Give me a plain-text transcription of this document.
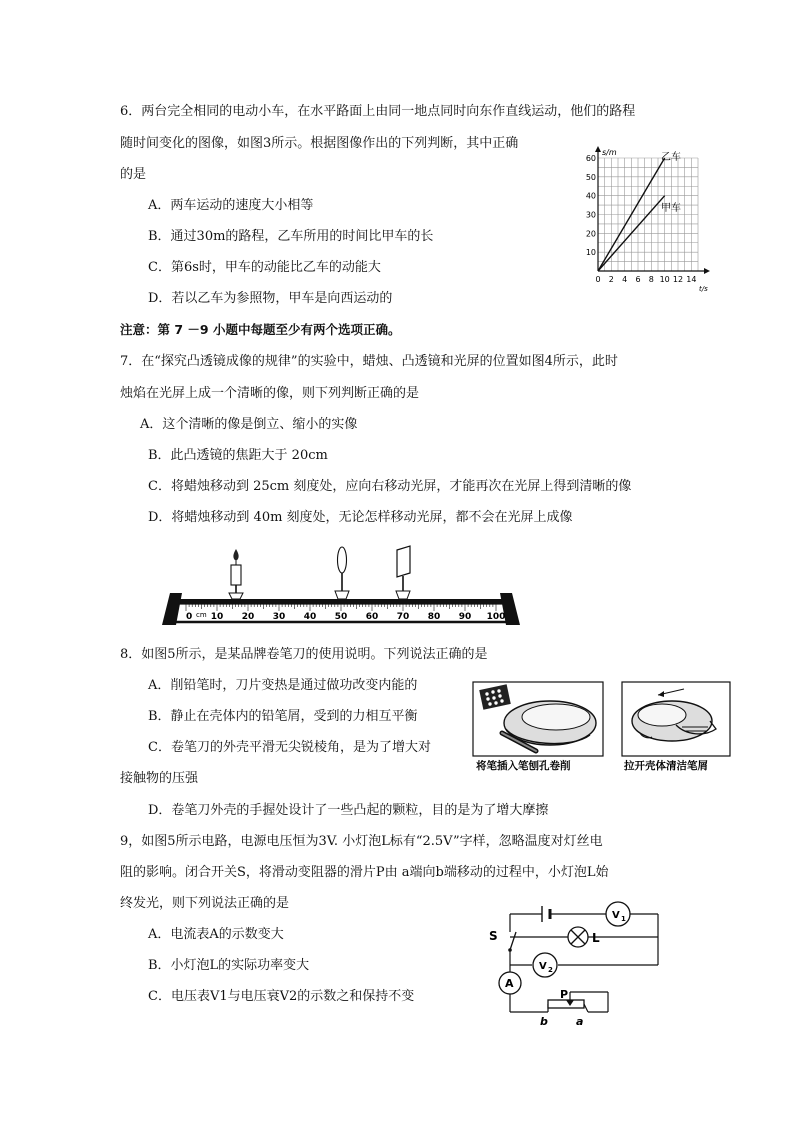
6．两台完全相同的电动小车，在水平路面上由同一地点同时向东作直线运动，他们的路程
随时间变化的图像，如图3所示。根据图像作出的下列判断，其中正确
的是
A．两车运动的速度大小相等
B．通过30m的路程，乙车所用的时间比甲车的长
C．第6s时，甲车的动能比乙车的动能大
D．若以乙车为参照物，甲车是向西运动的
10
20
30
40
50
60
0 2 4 6 8 10 12 14
s/m
t/s
乙车
甲车
注意：第 7 －9 小题中每题至少有两个选项正确。
7．在“探究凸透镜成像的规律”的实验中，蜡烛、凸透镜和光屏的位置如图4所示，此时
烛焰在光屏上成一个清晰的像，则下列判断正确的是
A．这个清晰的像是倒立、缩小的实像
B．此凸透镜的焦距大于 20cm
C．将蜡烛移动到 25cm 刻度处，应向右移动光屏，才能再次在光屏上得到清晰的像
D．将蜡烛移动到 40m 刻度处，无论怎样移动光屏，都不会在光屏上成像
0 10 20 30 40 50 60 70 80 90 100
cm
8．如图5所示，是某品牌卷笔刀的使用说明。下列说法正确的是
A．削铅笔时，刀片变热是通过做功改变内能的
B．静止在壳体内的铅笔屑，受到的力相互平衡
C．卷笔刀的外壳平滑无尖锐棱角，是为了增大对
接触物的压强
D．卷笔刀外壳的手握处设计了一些凸起的颗粒，目的是为了增大摩擦
将笔插入笔刨孔卷削	拉开壳体清洁笔屑
9，如图5所示电路，电源电压恒为3V. 小灯泡L标有“2.5V”字样，忽略温度对灯丝电
阻的影响。闭合开关S，将滑动变阻器的滑片P由 a端向b端移动的过程中，小灯泡L始
终发光，则下列说法正确的是
A．电流表A的示数变大
B．小灯泡L的实际功率变大
C．电压表V1与电压衰V2的示数之和保持不变
V 1
S	L
V 2
A
P
b	a
